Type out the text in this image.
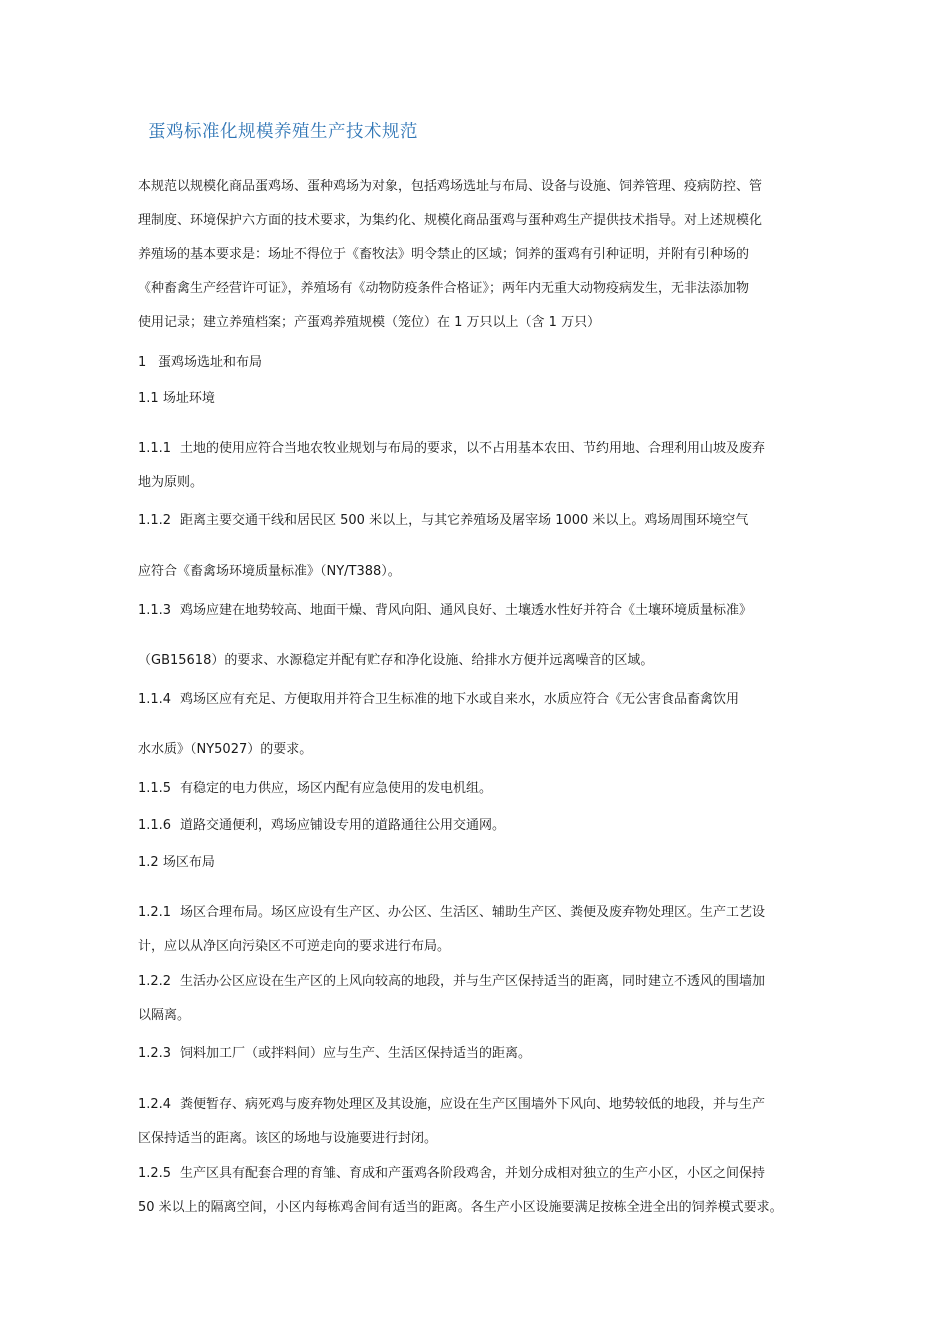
蛋鸡标准化规模养殖生产技术规范
本规范以规模化商品蛋鸡场、蛋种鸡场为对象，包括鸡场选址与布局、设备与设施、饲养管理、疫病防控、管
理制度、环境保护六方面的技术要求，为集约化、规模化商品蛋鸡与蛋种鸡生产提供技术指导。对上述规模化
养殖场的基本要求是：场址不得位于《畜牧法》明令禁止的区域；饲养的蛋鸡有引种证明，并附有引种场的
《种畜禽生产经营许可证》，养殖场有《动物防疫条件合格证》；两年内无重大动物疫病发生，无非法添加物
使用记录；建立养殖档案；产蛋鸡养殖规模（笼位）在 1 万只以上（含 1 万只）
1 蛋鸡场选址和布局
1.1 场址环境
1.1.1 土地的使用应符合当地农牧业规划与布局的要求，以不占用基本农田、节约用地、合理利用山坡及废弃
地为原则。
1.1.2 距离主要交通干线和居民区 500 米以上，与其它养殖场及屠宰场 1000 米以上。鸡场周围环境空气
应符合《畜禽场环境质量标准》（NY/T388）。
1.1.3 鸡场应建在地势较高、地面干燥、背风向阳、通风良好、土壤透水性好并符合《土壤环境质量标准》
（GB15618）的要求、水源稳定并配有贮存和净化设施、给排水方便并远离噪音的区域。
1.1.4 鸡场区应有充足、方便取用并符合卫生标准的地下水或自来水，水质应符合《无公害食品畜禽饮用
水水质》（NY5027）的要求。
1.1.5 有稳定的电力供应，场区内配有应急使用的发电机组。
1.1.6 道路交通便利，鸡场应铺设专用的道路通往公用交通网。
1.2 场区布局
1.2.1 场区合理布局。场区应设有生产区、办公区、生活区、辅助生产区、粪便及废弃物处理区。生产工艺设
计，应以从净区向污染区不可逆走向的要求进行布局。
1.2.2 生活办公区应设在生产区的上风向较高的地段，并与生产区保持适当的距离，同时建立不透风的围墙加
以隔离。
1.2.3 饲料加工厂（或拌料间）应与生产、生活区保持适当的距离。
1.2.4 粪便暂存、病死鸡与废弃物处理区及其设施，应设在生产区围墙外下风向、地势较低的地段，并与生产
区保持适当的距离。该区的场地与设施要进行封闭。
1.2.5 生产区具有配套合理的育雏、育成和产蛋鸡各阶段鸡舍，并划分成相对独立的生产小区，小区之间保持
50 米以上的隔离空间，小区内每栋鸡舍间有适当的距离。各生产小区设施要满足按栋全进全出的饲养模式要求。
